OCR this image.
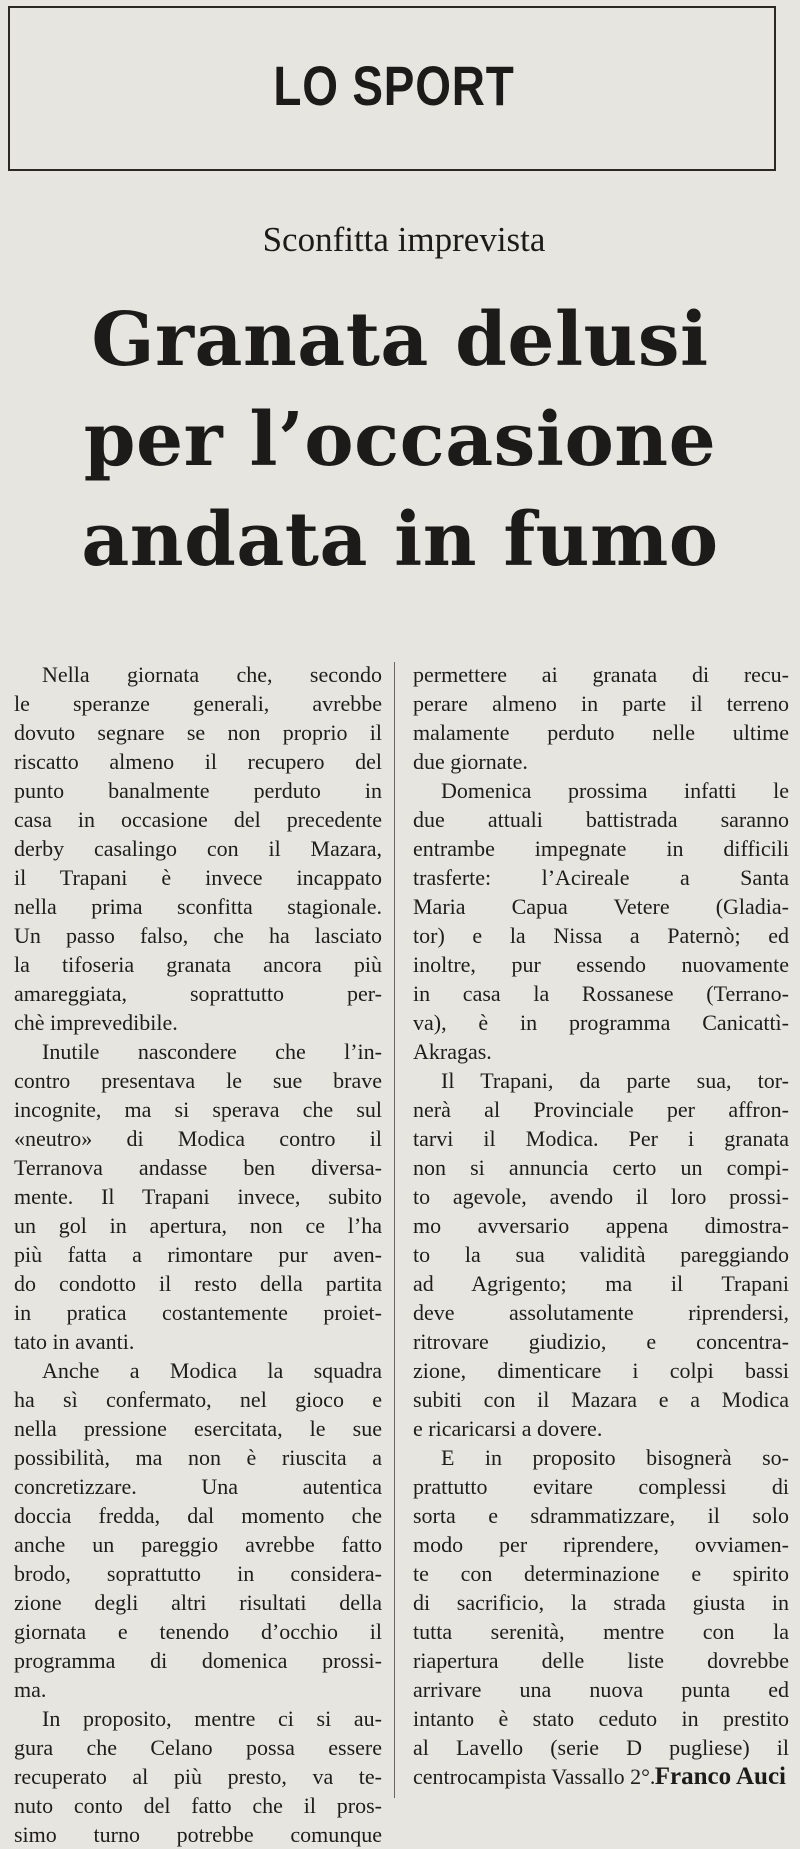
LO SPORT
Sconfitta imprevista
Granata delusi
per l’occasione
andata in fumo
Nella giornata che, secondo
le speranze generali, avrebbe
dovuto segnare se non proprio il
riscatto almeno il recupero del
punto banalmente perduto in
casa in occasione del precedente
derby casalingo con il Mazara,
il Trapani è invece incappato
nella prima sconfitta stagionale.
Un passo falso, che ha lasciato
la tifoseria granata ancora più
amareggiata, soprattutto per-
chè imprevedibile.
Inutile nascondere che l’in-
contro presentava le sue brave
incognite, ma si sperava che sul
«neutro» di Modica contro il
Terranova andasse ben diversa-
mente. Il Trapani invece, subito
un gol in apertura, non ce l’ha
più fatta a rimontare pur aven-
do condotto il resto della partita
in pratica costantemente proiet-
tato in avanti.
Anche a Modica la squadra
ha sì confermato, nel gioco e
nella pressione esercitata, le sue
possibilità, ma non è riuscita a
concretizzare. Una autentica
doccia fredda, dal momento che
anche un pareggio avrebbe fatto
brodo, soprattutto in considera-
zione degli altri risultati della
giornata e tenendo d’occhio il
programma di domenica prossi-
ma.
In proposito, mentre ci si au-
gura che Celano possa essere
recuperato al più presto, va te-
nuto conto del fatto che il pros-
simo turno potrebbe comunque
permettere ai granata di recu-
perare almeno in parte il terreno
malamente perduto nelle ultime
due giornate.
Domenica prossima infatti le
due attuali battistrada saranno
entrambe impegnate in difficili
trasferte: l’Acireale a Santa
Maria Capua Vetere (Gladia-
tor) e la Nissa a Paternò; ed
inoltre, pur essendo nuovamente
in casa la Rossanese (Terrano-
va), è in programma Canicattì-
Akragas.
Il Trapani, da parte sua, tor-
nerà al Provinciale per affron-
tarvi il Modica. Per i granata
non si annuncia certo un compi-
to agevole, avendo il loro prossi-
mo avversario appena dimostra-
to la sua validità pareggiando
ad Agrigento; ma il Trapani
deve assolutamente riprendersi,
ritrovare giudizio, e concentra-
zione, dimenticare i colpi bassi
subiti con il Mazara e a Modica
e ricaricarsi a dovere.
E in proposito bisognerà so-
prattutto evitare complessi di
sorta e sdrammatizzare, il solo
modo per riprendere, ovviamen-
te con determinazione e spirito
di sacrificio, la strada giusta in
tutta serenità, mentre con la
riapertura delle liste dovrebbe
arrivare una nuova punta ed
intanto è stato ceduto in prestito
al Lavello (serie D pugliese) il
centrocampista Vassallo 2°. Franco Auci
